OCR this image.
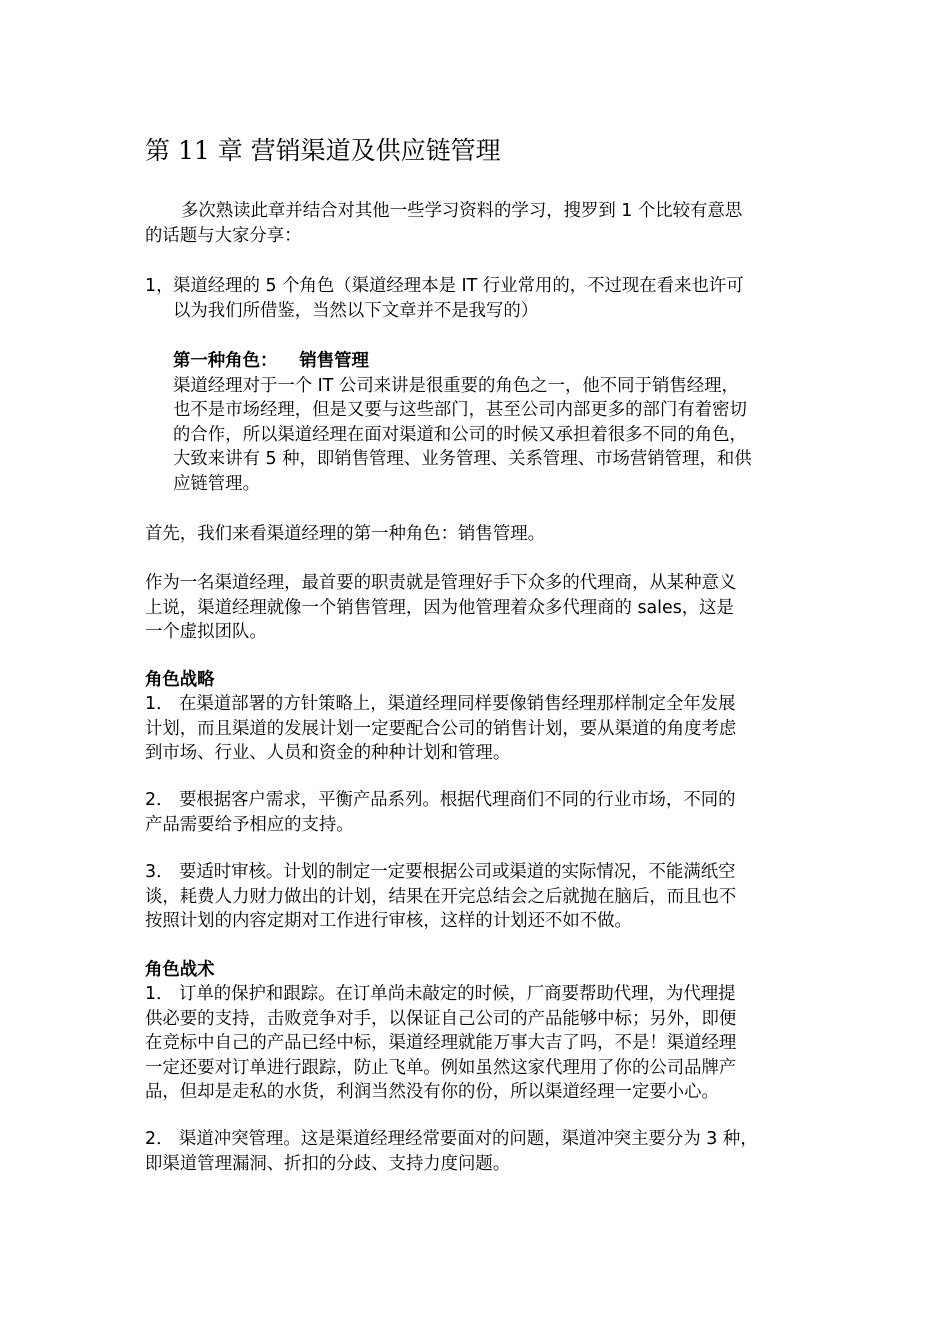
第 11 章 营销渠道及供应链管理
多次熟读此章并结合对其他一些学习资料的学习，搜罗到 1 个比较有意思
的话题与大家分享：
1， 渠道经理的 5 个角色（渠道经理本是 IT 行业常用的，不过现在看来也许可
以为我们所借鉴，当然以下文章并不是我写的）
第一种角色： 销售管理
渠道经理对于一个 IT 公司来讲是很重要的角色之一，他不同于销售经理，
也不是市场经理，但是又要与这些部门，甚至公司内部更多的部门有着密切
的合作，所以渠道经理在面对渠道和公司的时候又承担着很多不同的角色，
大致来讲有 5 种，即销售管理、业务管理、关系管理、市场营销管理，和供
应链管理。
首先，我们来看渠道经理的第一种角色：销售管理。
作为一名渠道经理，最首要的职责就是管理好手下众多的代理商，从某种意义
上说，渠道经理就像一个销售管理，因为他管理着众多代理商的 sales，这是
一个虚拟团队。
角色战略
1． 在渠道部署的方针策略上，渠道经理同样要像销售经理那样制定全年发展
计划，而且渠道的发展计划一定要配合公司的销售计划，要从渠道的角度考虑
到市场、行业、人员和资金的种种计划和管理。
2． 要根据客户需求，平衡产品系列。根据代理商们不同的行业市场，不同的
产品需要给予相应的支持。
3． 要适时审核。计划的制定一定要根据公司或渠道的实际情况，不能满纸空
谈，耗费人力财力做出的计划，结果在开完总结会之后就抛在脑后，而且也不
按照计划的内容定期对工作进行审核，这样的计划还不如不做。
角色战术
1． 订单的保护和跟踪。在订单尚未敲定的时候，厂商要帮助代理，为代理提
供必要的支持，击败竞争对手，以保证自己公司的产品能够中标；另外，即便
在竞标中自己的产品已经中标，渠道经理就能万事大吉了吗，不是！渠道经理
一定还要对订单进行跟踪，防止飞单。例如虽然这家代理用了你的公司品牌产
品，但却是走私的水货，利润当然没有你的份，所以渠道经理一定要小心。
2． 渠道冲突管理。这是渠道经理经常要面对的问题，渠道冲突主要分为 3 种，
即渠道管理漏洞、折扣的分歧、支持力度问题。
